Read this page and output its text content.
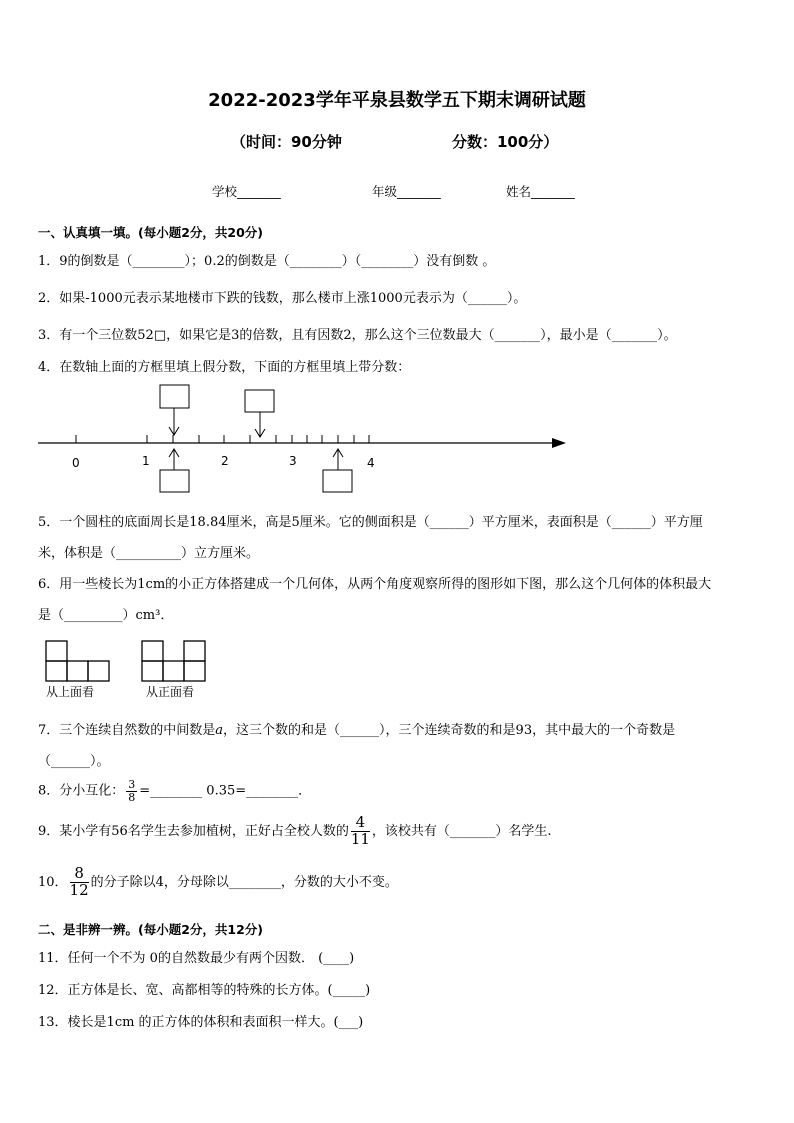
2022-2023学年平泉县数学五下期末调研试题
（时间：90分钟	分数：100分）
学校_______	年级_______	姓名_______
一、认真填一填。(每小题2分，共20分)
1．9的倒数是（________）；0.2的倒数是（________）（________）没有倒数 。
2．如果-1000元表示某地楼市下跌的钱数，那么楼市上涨1000元表示为（______）。
3．有一个三位数52□，如果它是3的倍数，且有因数2，那么这个三位数最大（_______），最小是（_______）。
4．在数轴上面的方框里填上假分数，下面的方框里填上带分数：
0	1	2	3	4
5．一个圆柱的底面周长是18.84厘米，高是5厘米。它的侧面积是（______）平方厘米，表面积是（______）平方厘
米，体积是（__________）立方厘米。
6．用一些棱长为1cm的小正方体搭建成一个几何体，从两个角度观察所得的图形如下图，那么这个几何体的体积最大
是（_________）cm³．
从上面看	从正面看
7．三个连续自然数的中间数是a，这三个数的和是（______），三个连续奇数的和是93，其中最大的一个奇数是
（______）。
8．分小互化： $\frac{3}{8}$ =________ 0.35=________．
9．某小学有56名学生去参加植树，正好占全校人数的 $\frac{4}{11}$ ，该校共有（_______）名学生.
10． $\frac{8}{12}$ 的分子除以4，分母除以________，分数的大小不变。
二、是非辨一辨。(每小题2分，共12分)
11．任何一个不为 0的自然数最少有两个因数． (____)
12．正方体是长、宽、高都相等的特殊的长方体。(_____)
13．棱长是1cm 的正方体的体积和表面积一样大。(___)
